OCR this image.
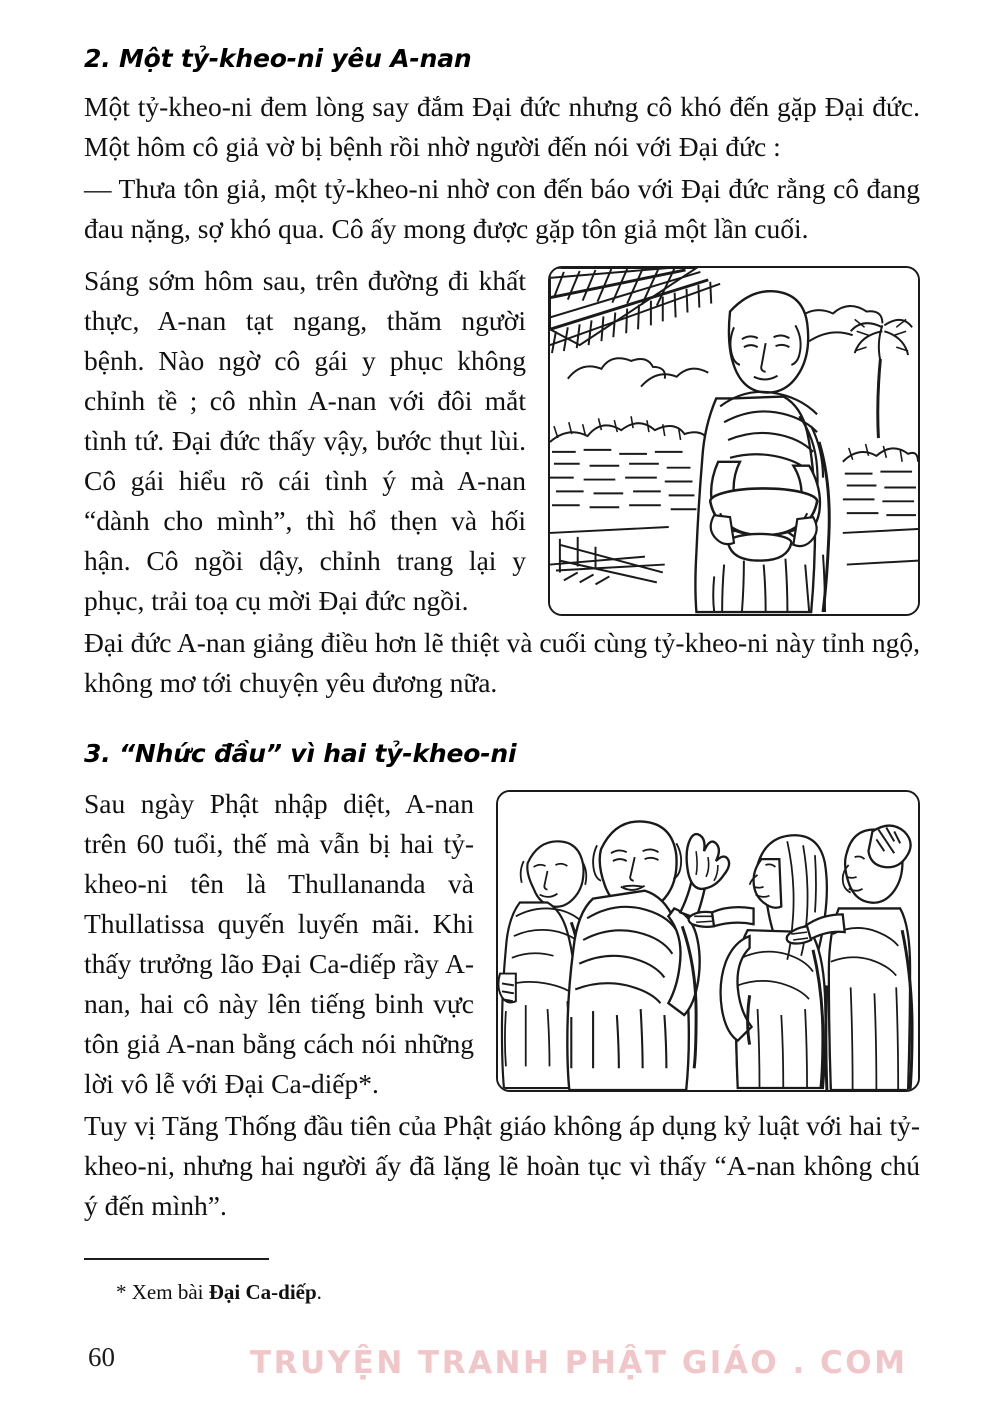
2. Một tỷ-kheo-ni yêu A-nan

Một tỷ-kheo-ni đem lòng say đắm Đại đức nhưng cô khó đến gặp Đại đức. Một hôm cô giả vờ bị bệnh rồi nhờ người đến nói với Đại đức :

— Thưa tôn giả, một tỷ-kheo-ni nhờ con đến báo với Đại đức rằng cô đang đau nặng, sợ khó qua. Cô ấy mong được gặp tôn giả một lần cuối.

Sáng sớm hôm sau, trên đường đi khất thực, A-nan tạt ngang, thăm người bệnh. Nào ngờ cô gái y phục không chỉnh tề ; cô nhìn A-nan với đôi mắt tình tứ. Đại đức thấy vậy, bước thụt lùi. Cô gái hiểu rõ cái tình ý mà A-nan “dành cho mình”, thì hổ thẹn và hối hận. Cô ngồi dậy, chỉnh trang lại y phục, trải toạ cụ mời Đại đức ngồi.

Đại đức A-nan giảng điều hơn lẽ thiệt và cuối cùng tỷ-kheo-ni này tỉnh ngộ, không mơ tới chuyện yêu đương nữa.

3. “Nhức đầu” vì hai tỷ-kheo-ni

Sau ngày Phật nhập diệt, A-nan trên 60 tuổi, thế mà vẫn bị hai tỷ-kheo-ni tên là Thullananda và Thullatissa quyến luyến mãi. Khi thấy trưởng lão Đại Ca-diếp rầy A-nan, hai cô này lên tiếng binh vực tôn giả A-nan bằng cách nói những lời vô lễ với Đại Ca-diếp*.

Tuy vị Tăng Thống đầu tiên của Phật giáo không áp dụng kỷ luật với hai tỷ-kheo-ni, nhưng hai người ấy đã lặng lẽ hoàn tục vì thấy “A-nan không chú ý đến mình”.

* Xem bài Đại Ca-diếp.

60	TRUYỆN TRANH PHẬT GIÁO . COM
